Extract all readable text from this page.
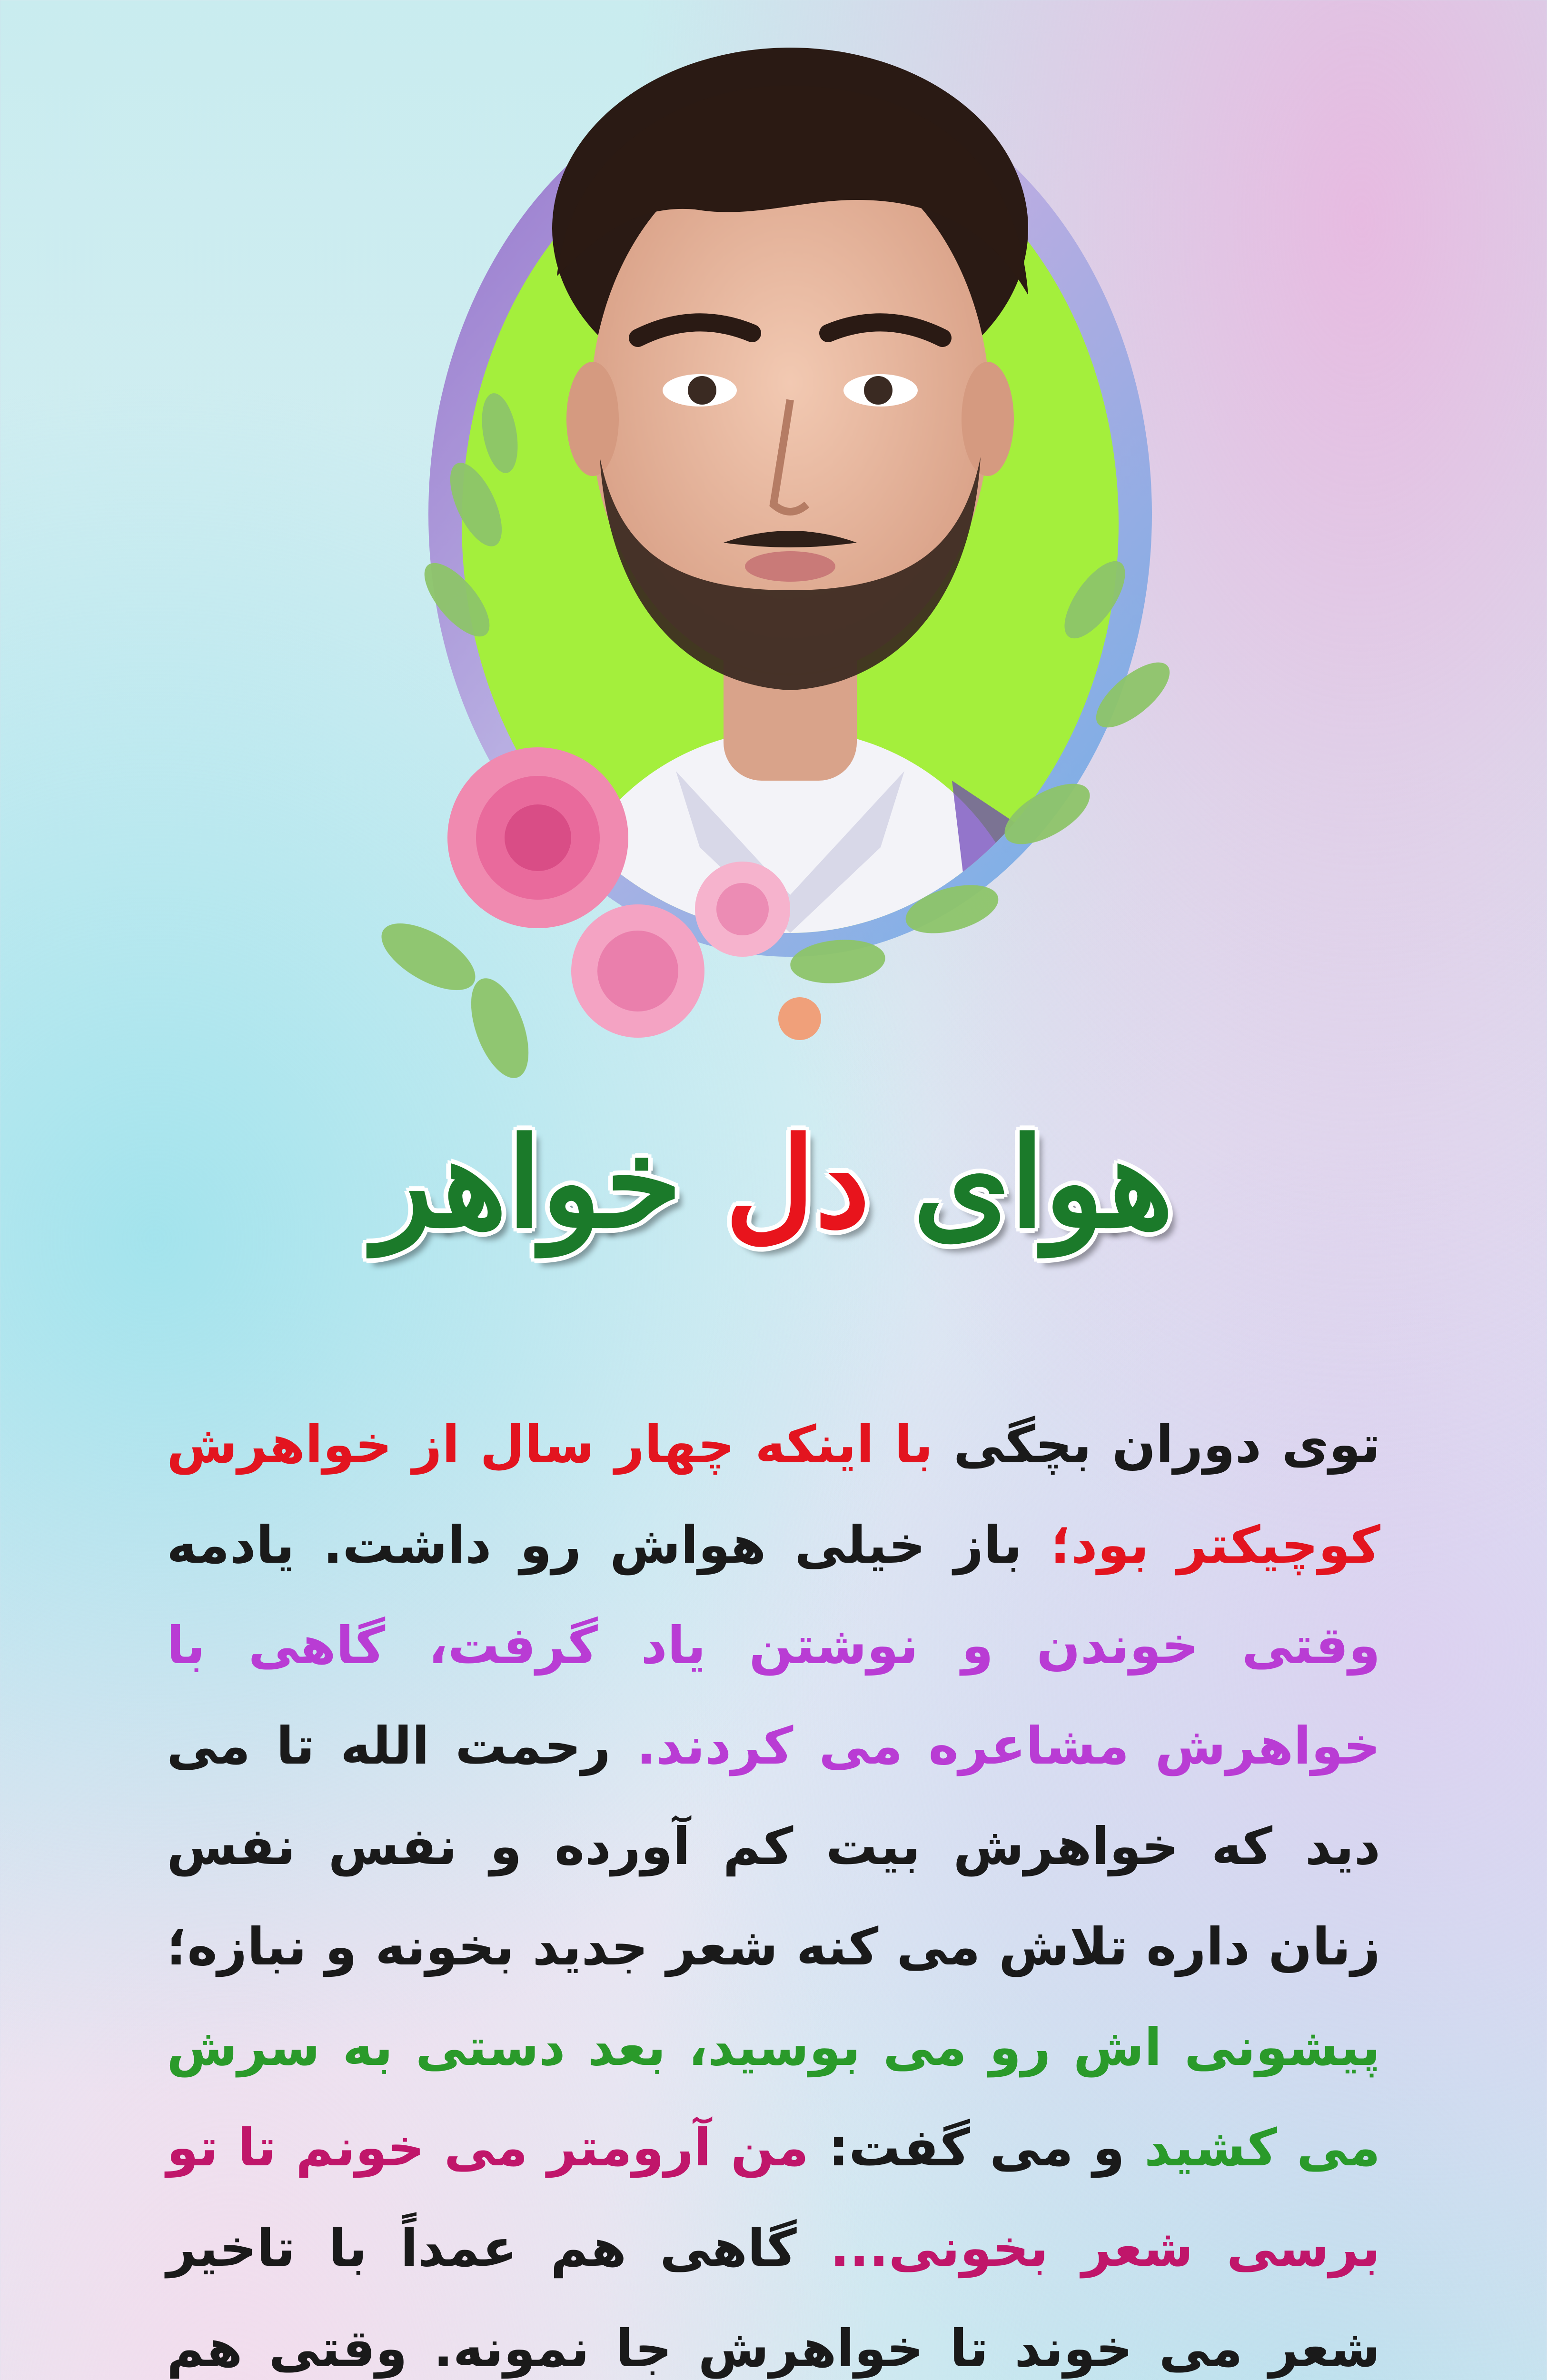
هوای دل خواهر
توی دوران بچگی با اینکه چهار سال از خواهرش کوچیکتر بود؛ باز خیلی هواش رو داشت. یادمه وقتی خوندن و نوشتن یاد گرفت، گاهی با خواهرش مشاعره می کردند. رحمت الله تا می دید که خواهرش بیت کم آورده و نفس نفس زنان داره تلاش می کنه شعر جدید بخونه و نبازه؛ پیشونی اش رو می بوسید، بعد دستی به سرش می کشید و می گفت: من آرومتر می خونم تا تو برسی شعر بخونی... گاهی هم عمداً با تاخیر شعر می خوند تا خواهرش جا نمونه. وقتی هم
